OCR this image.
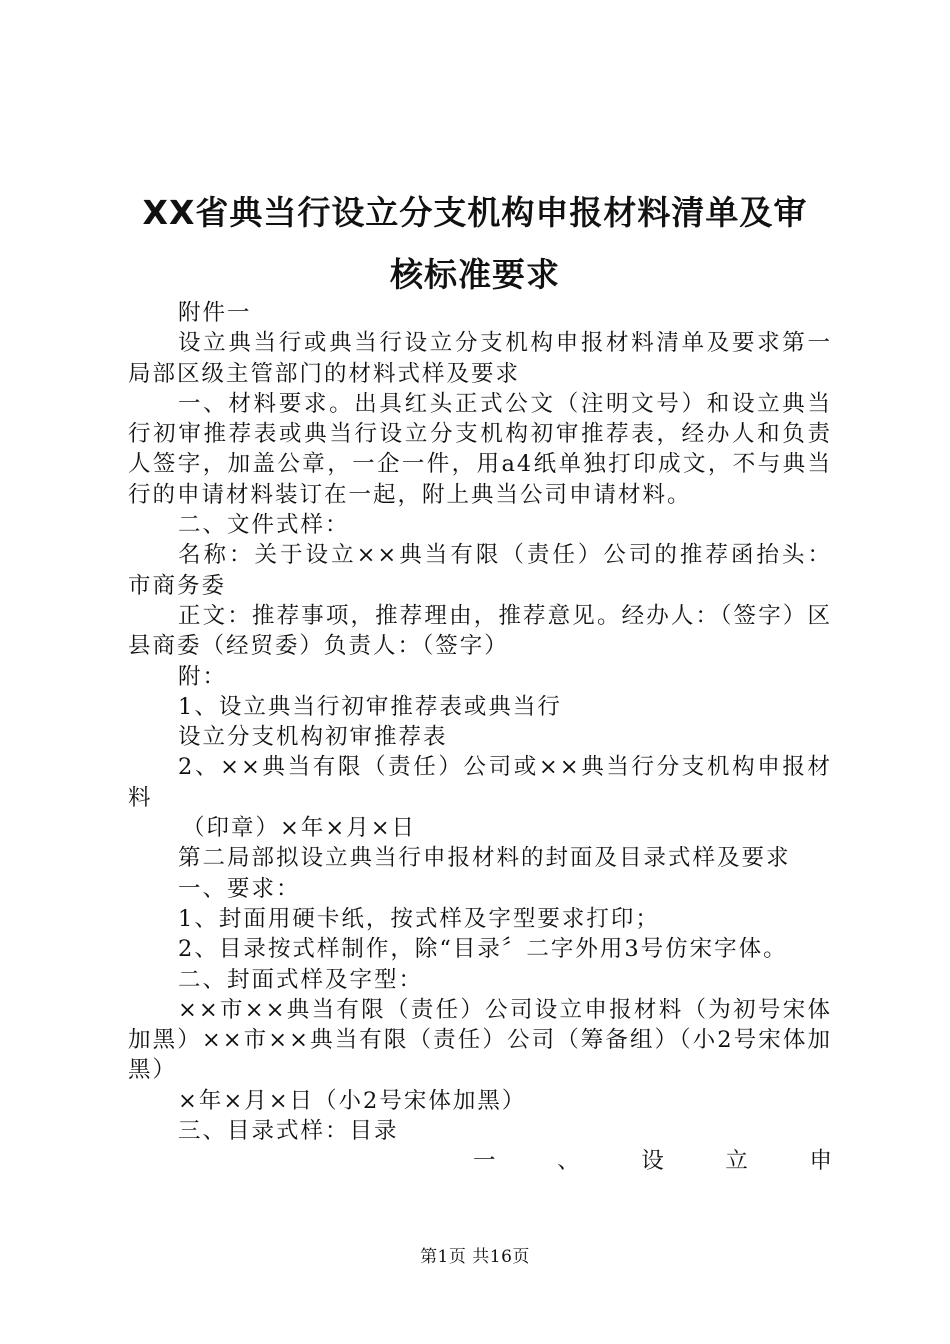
XX省典当行设立分支机构申报材料清单及审
核标准要求

附件一

设立典当行或典当行设立分支机构申报材料清单及要求第一局部区级主管部门的材料式样及要求

一、材料要求。出具红头正式公文（注明文号）和设立典当行初审推荐表或典当行设立分支机构初审推荐表，经办人和负责人签字，加盖公章，一企一件，用a4纸单独打印成文，不与典当行的申请材料装订在一起，附上典当公司申请材料。

二、文件式样：

名称：关于设立××典当有限（责任）公司的推荐函抬头：市商务委

正文：推荐事项，推荐理由，推荐意见。经办人：（签字）区县商委（经贸委）负责人：（签字）

附：

1、设立典当行初审推荐表或典当行

设立分支机构初审推荐表

2、××典当有限（责任）公司或××典当行分支机构申报材料

（印章）×年×月×日

第二局部拟设立典当行申报材料的封面及目录式样及要求

一、要求：

1、封面用硬卡纸，按式样及字型要求打印；

2、目录按式样制作，除“目录〞二字外用3号仿宋字体。

二、封面式样及字型：

××市××典当有限（责任）公司设立申报材料（为初号宋体加黑）××市××典当有限（责任）公司（筹备组）（小2号宋体加黑）

×年×月×日（小2号宋体加黑）

三、目录式样：目录

一	、	设	立	申
第1页 共16页
